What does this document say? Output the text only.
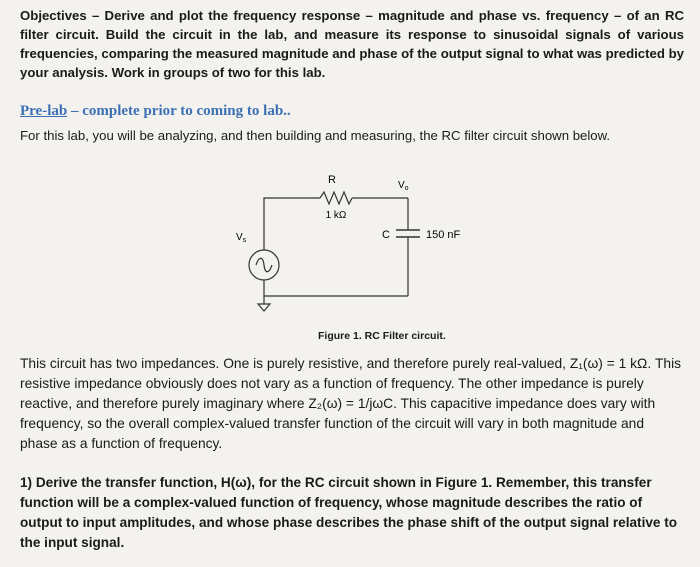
Objectives – Derive and plot the frequency response – magnitude and phase vs. frequency – of an RC filter circuit. Build the circuit in the lab, and measure its response to sinusoidal signals of various frequencies, comparing the measured magnitude and phase of the output signal to what was predicted by your analysis. Work in groups of two for this lab.

Pre-lab – complete prior to coming to lab..

For this lab, you will be analyzing, and then building and measuring, the RC filter circuit shown below.

R
1 kΩ
$V_o$
$V_s$	C	150 nF
Figure 1. RC Filter circuit.

This circuit has two impedances. One is purely resistive, and therefore purely real-valued, Z₁(ω) = 1 kΩ. This resistive impedance obviously does not vary as a function of frequency. The other impedance is purely reactive, and therefore purely imaginary where Z₂(ω) = 1/jωC. This capacitive impedance does vary with frequency, so the overall complex-valued transfer function of the circuit will vary in both magnitude and phase as a function of frequency.

1) Derive the transfer function, H(ω), for the RC circuit shown in Figure 1. Remember, this transfer function will be a complex-valued function of frequency, whose magnitude describes the ratio of output to input amplitudes, and whose phase describes the phase shift of the output signal relative to the input signal.
